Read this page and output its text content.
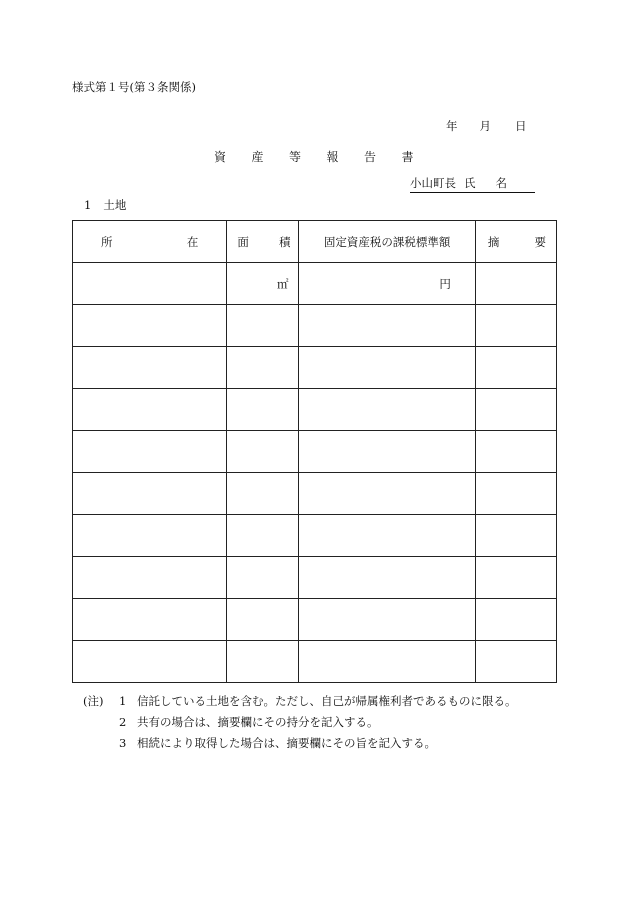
様式第１号(第３条関係)
年 月 日
資産等報告書
小山町長 氏 名
1 土地
所 在	面 積	固定資産税の課税標準額	摘 要

	㎡	円	

(注)	1 信託している土地を含む。ただし、自己が帰属権利者であるものに限る。
2 共有の場合は、摘要欄にその持分を記入する。
3 相続により取得した場合は、摘要欄にその旨を記入する。
